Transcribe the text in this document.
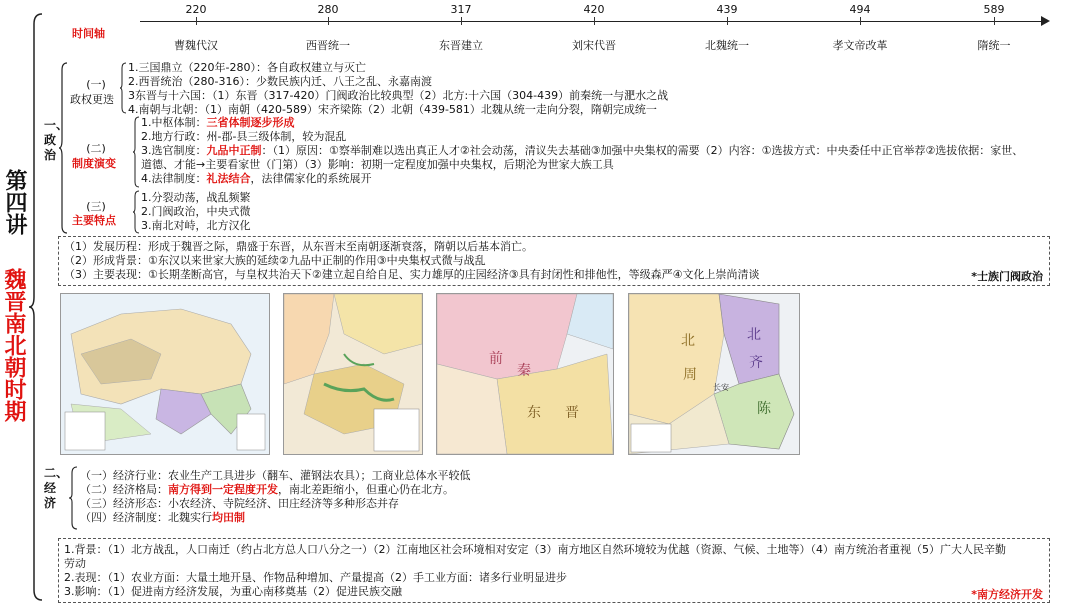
第四讲
魏晋南北朝时期
时间轴
220
曹魏代汉
280
西晋统一
317
东晋建立
420
刘宋代晋
439
北魏统一
494
孝文帝改革
589
隋统一
一、政治
(一)
政权更迭
1.三国鼎立（220年-280）：各自政权建立与灭亡
2.西晋统治（280-316）：少数民族内迁、八王之乱、永嘉南渡
3东晋与十六国：（1）东晋（317-420）门阀政治比较典型（2）北方:十六国（304-439）前秦统一与淝水之战
4.南朝与北朝：（1）南朝（420-589）宋齐梁陈（2）北朝（439-581）北魏从统一走向分裂，隋朝完成统一
(二)
制度演变
1.中枢体制：三省体制逐步形成
2.地方行政：州-郡-县三级体制，较为混乱
3.选官制度：九品中正制：（1）原因：①察举制难以选出真正人才②社会动荡，清议失去基础③加强中央集权的需要（2）内容：①选拔方式：中央委任中正官举荐②选拔依据：家世、
道德、才能→主要看家世（门第）（3）影响：初期一定程度加强中央集权，后期沦为世家大族工具
4.法律制度：礼法结合，法律儒家化的系统展开
(三)
主要特点
1.分裂动荡，战乱频繁
2.门阀政治，中央式微
3.南北对峙，北方汉化
（1）发展历程：形成于魏晋之际，鼎盛于东晋，从东晋末至南朝逐渐衰落，隋朝以后基本消亡。
（2）形成背景：①东汉以来世家大族的延续②九品中正制的作用③中央集权式微与战乱
（3）主要表现：①长期垄断高官，与皇权共治天下②建立起自给自足、实力雄厚的庄园经济③具有封闭性和排他性，等级森严④文化上崇尚清谈	*士族门阀政治
前
秦
东 晋
北
周
北
齐
陈
长安
二、经济
（一）经济行业：农业生产工具进步（翻车、灌钢法农具）；工商业总体水平较低
（二）经济格局：南方得到一定程度开发，南北差距缩小，但重心仍在北方。
（三）经济形态：小农经济、寺院经济、田庄经济等多种形态并存
（四）经济制度：北魏实行均田制
1.背景：（1）北方战乱，人口南迁（约占北方总人口八分之一）（2）江南地区社会环境相对安定（3）南方地区自然环境较为优越（资源、气候、土地等）（4）南方统治者重视（5）广大人民辛勤
劳动
2.表现：（1）农业方面：大量土地开垦、作物品种增加、产量提高（2）手工业方面：诸多行业明显进步
3.影响：（1）促进南方经济发展，为重心南移奠基（2）促进民族交融	*南方经济开发
